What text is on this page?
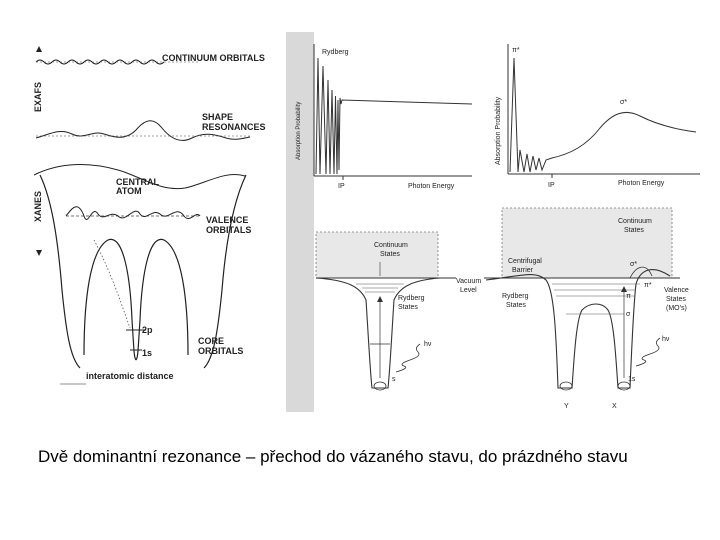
EXAFS
XANES
CONTINUUM ORBITALS
SHAPE
RESONANCES
CENTRAL
ATOM
VALENCE
ORBITALS
2p
1s
CORE
ORBITALS
interatomic distance
Absorption Probability
Rydberg
IP	Photon Energy
Absorption Probability
π*
σ*
IP	Photon Energy
Continuum
States
Rydberg
States
Vacuum
Level
hν
s
Continuum
States
Centrifugal
Barrier
σ*
π*
π
σ
Rydberg
States
Valence
States
(MO's)
hν
1s
Y	X
Dvě dominantní rezonance – přechod do vázaného stavu, do prázdného stavu
